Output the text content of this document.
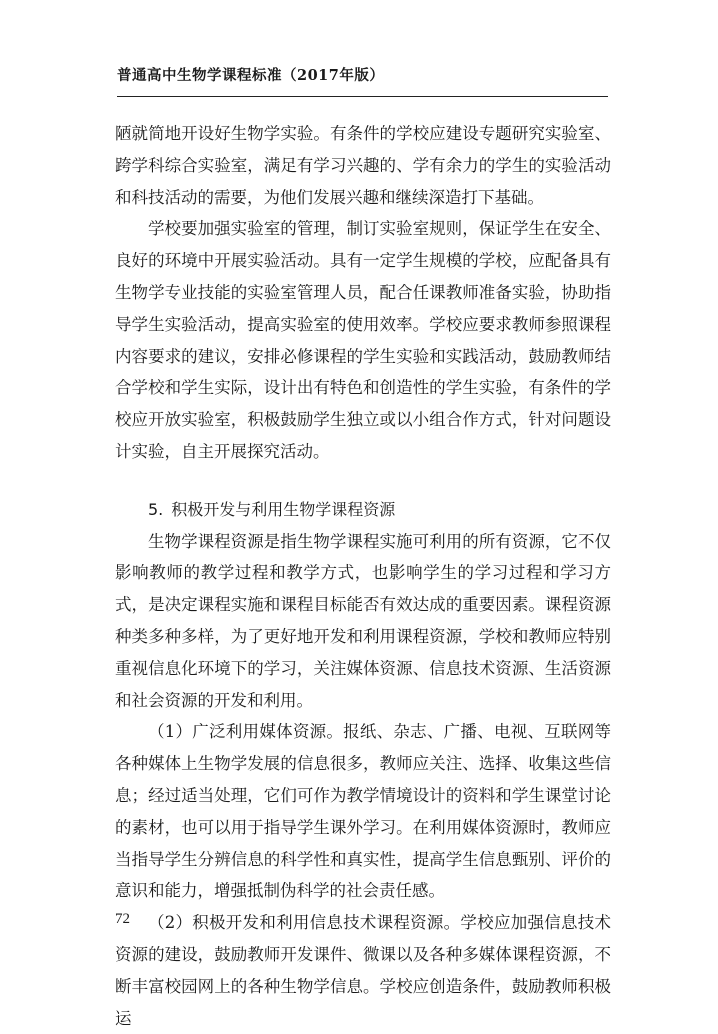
普通高中生物学课程标准（2017年版）

陋就简地开设好生物学实验。有条件的学校应建设专题研究实验室、跨学科综合实验室，满足有学习兴趣的、学有余力的学生的实验活动和科技活动的需要，为他们发展兴趣和继续深造打下基础。

学校要加强实验室的管理，制订实验室规则，保证学生在安全、良好的环境中开展实验活动。具有一定学生规模的学校，应配备具有生物学专业技能的实验室管理人员，配合任课教师准备实验，协助指导学生实验活动，提高实验室的使用效率。学校应要求教师参照课程内容要求的建议，安排必修课程的学生实验和实践活动，鼓励教师结合学校和学生实际，设计出有特色和创造性的学生实验，有条件的学校应开放实验室，积极鼓励学生独立或以小组合作方式，针对问题设计实验，自主开展探究活动。

5. 积极开发与利用生物学课程资源

生物学课程资源是指生物学课程实施可利用的所有资源，它不仅影响教师的教学过程和教学方式，也影响学生的学习过程和学习方式，是决定课程实施和课程目标能否有效达成的重要因素。课程资源种类多种多样，为了更好地开发和利用课程资源，学校和教师应特别重视信息化环境下的学习，关注媒体资源、信息技术资源、生活资源和社会资源的开发和利用。

（1）广泛利用媒体资源。报纸、杂志、广播、电视、互联网等各种媒体上生物学发展的信息很多，教师应关注、选择、收集这些信息；经过适当处理，它们可作为教学情境设计的资料和学生课堂讨论的素材，也可以用于指导学生课外学习。在利用媒体资源时，教师应当指导学生分辨信息的科学性和真实性，提高学生信息甄别、评价的意识和能力，增强抵制伪科学的社会责任感。

（2）积极开发和利用信息技术课程资源。学校应加强信息技术资源的建设，鼓励教师开发课件、微课以及各种多媒体课程资源，不断丰富校园网上的各种生物学信息。学校应创造条件，鼓励教师积极运

72
